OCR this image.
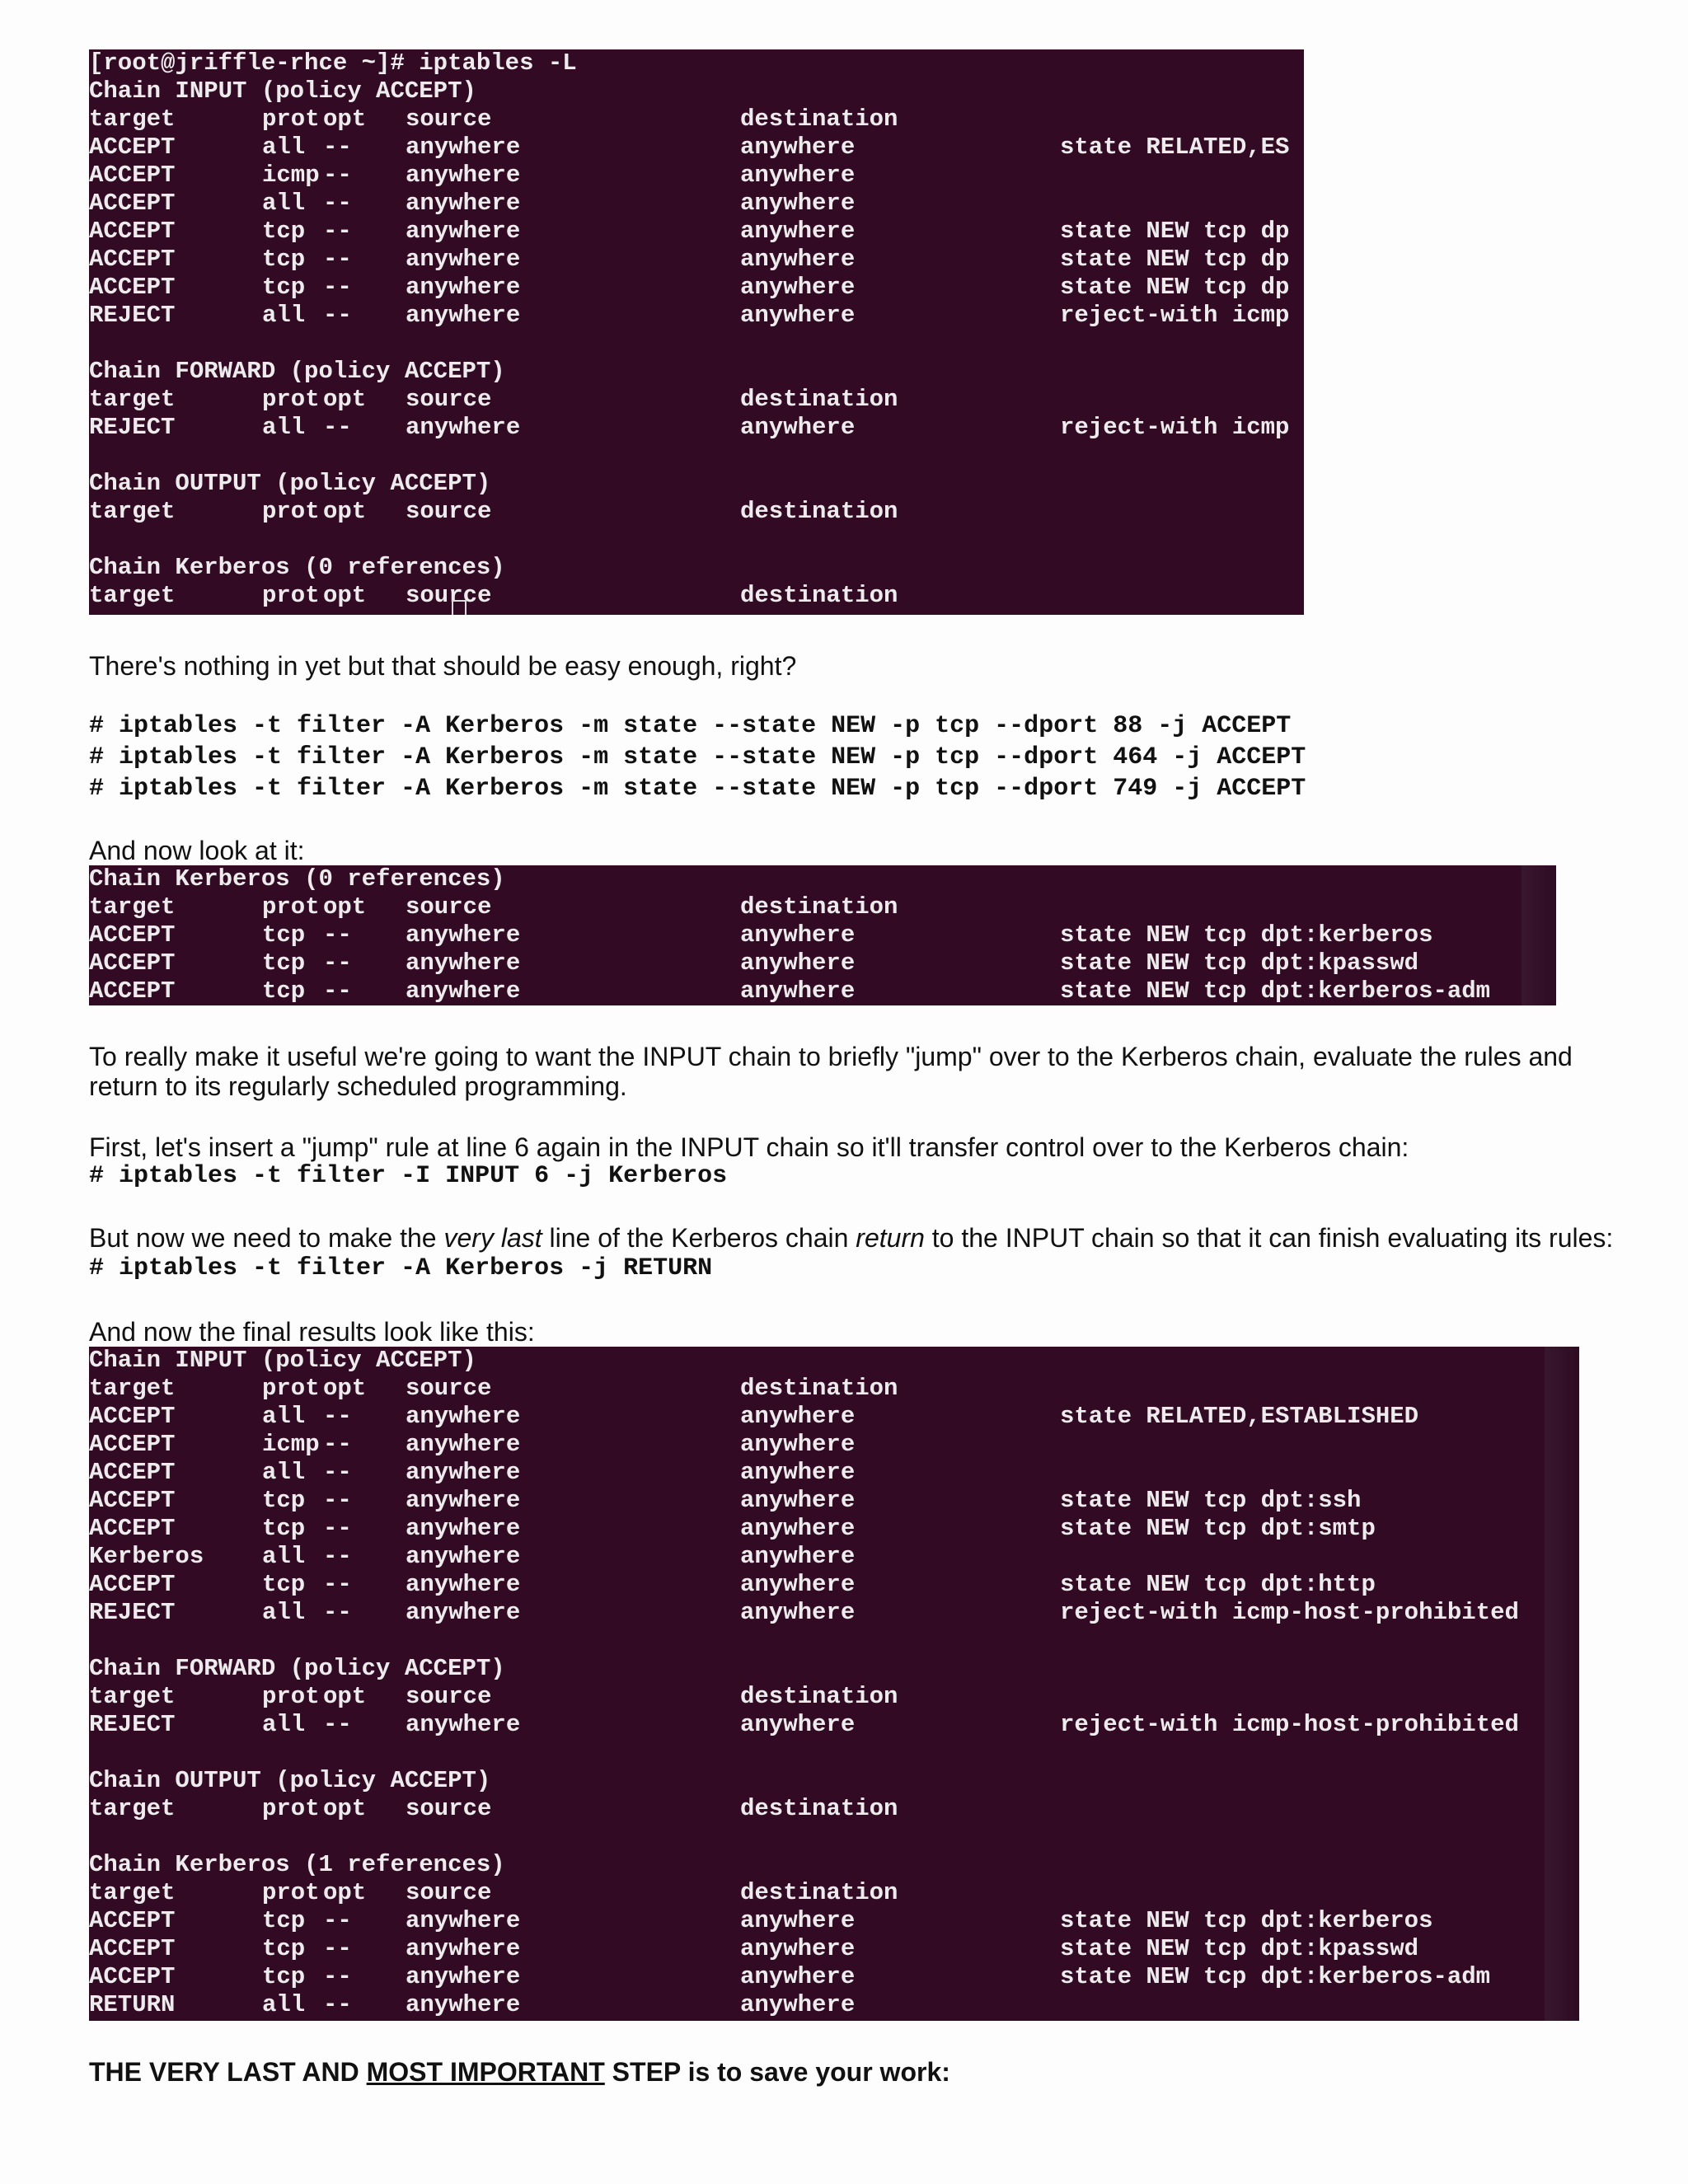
[root@jriffle-rhce ~]# iptables -L
Chain INPUT (policy ACCEPT)

target	prot opt source	destination

ACCEPT	all -- anywhere	anywhere	state RELATED,ES
ACCEPT	icmp -- anywhere	anywhere
ACCEPT	all -- anywhere	anywhere
ACCEPT	tcp -- anywhere	anywhere	state NEW tcp dp
ACCEPT	tcp -- anywhere	anywhere	state NEW tcp dp
ACCEPT	tcp -- anywhere	anywhere	state NEW tcp dp
REJECT	all -- anywhere	anywhere	reject-with icmp
Chain FORWARD (policy ACCEPT)
target	prot opt source	destination
REJECT	all -- anywhere	anywhere	reject-with icmp
Chain OUTPUT (policy ACCEPT)
target	prot opt source	destination
Chain Kerberos (0 references)
target	prot opt source	destination
There's nothing in yet but that should be easy enough, right?
# iptables -t filter -A Kerberos -m state --state NEW -p tcp --dport 88 -j ACCEPT
# iptables -t filter -A Kerberos -m state --state NEW -p tcp --dport 464 -j ACCEPT
# iptables -t filter -A Kerberos -m state --state NEW -p tcp --dport 749 -j ACCEPT
And now look at it:
Chain Kerberos (0 references)
target	prot opt source	destination
ACCEPT	tcp -- anywhere	anywhere	state NEW tcp dpt:kerberos
ACCEPT	tcp -- anywhere	anywhere	state NEW tcp dpt:kpasswd
ACCEPT	tcp -- anywhere	anywhere	state NEW tcp dpt:kerberos-adm
To really make it useful we're going to want the INPUT chain to briefly "jump" over to the Kerberos chain, evaluate the rules and return to its regularly scheduled programming.
First, let's insert a "jump" rule at line 6 again in the INPUT chain so it'll transfer control over to the Kerberos chain:
# iptables -t filter -I INPUT 6 -j Kerberos
But now we need to make the very last line of the Kerberos chain return to the INPUT chain so that it can finish evaluating its rules:
# iptables -t filter -A Kerberos -j RETURN
And now the final results look like this:
Chain INPUT (policy ACCEPT)
target	prot opt source	destination
ACCEPT	all -- anywhere	anywhere	state RELATED,ESTABLISHED
ACCEPT	icmp -- anywhere	anywhere
ACCEPT	all -- anywhere	anywhere
ACCEPT	tcp -- anywhere	anywhere	state NEW tcp dpt:ssh
ACCEPT	tcp -- anywhere	anywhere	state NEW tcp dpt:smtp
Kerberos all -- anywhere	anywhere
ACCEPT	tcp -- anywhere	anywhere	state NEW tcp dpt:http
REJECT	all -- anywhere	anywhere	reject-with icmp-host-prohibited
Chain FORWARD (policy ACCEPT)
target	prot opt source	destination
REJECT	all -- anywhere	anywhere	reject-with icmp-host-prohibited
Chain OUTPUT (policy ACCEPT)
target	prot opt source	destination
Chain Kerberos (1 references)
target	prot opt source	destination
ACCEPT	tcp -- anywhere	anywhere	state NEW tcp dpt:kerberos
ACCEPT	tcp -- anywhere	anywhere	state NEW tcp dpt:kpasswd
ACCEPT	tcp -- anywhere	anywhere	state NEW tcp dpt:kerberos-adm
RETURN	all -- anywhere	anywhere
THE VERY LAST AND MOST IMPORTANT STEP is to save your work:
